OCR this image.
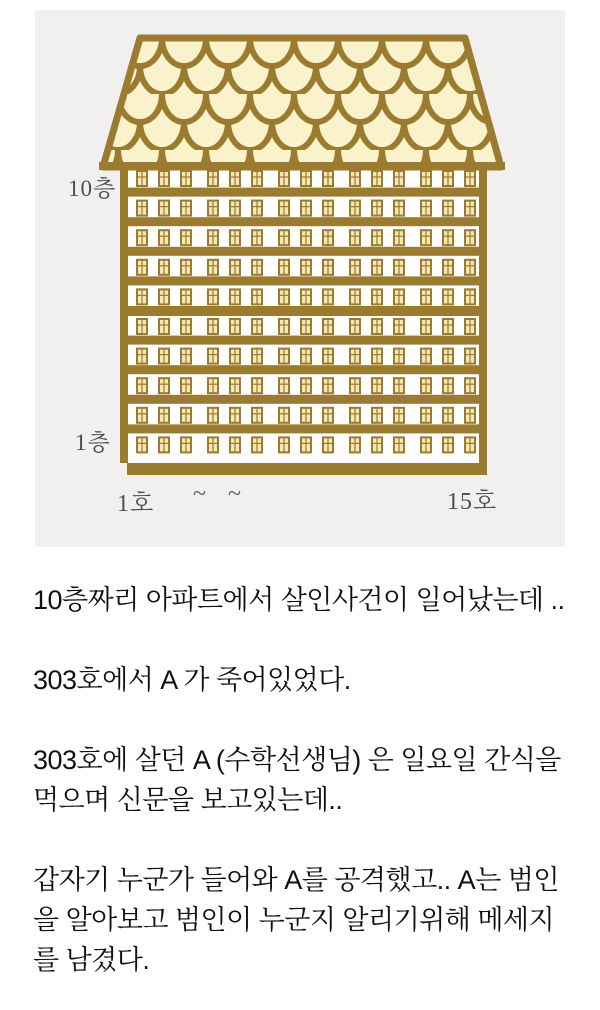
10층
1층
1호 ~ ~	15호

10층짜리 아파트에서 살인사건이 일어났는데 ..

303호에서 A 가 죽어있었다.

303호에 살던 A (수학선생님) 은 일요일 간식을 먹으며 신문을 보고있는데..

갑자기 누군가 들어와 A를 공격했고.. A는 범인을 알아보고 범인이 누군지 알리기위해 메세지를 남겼다.
